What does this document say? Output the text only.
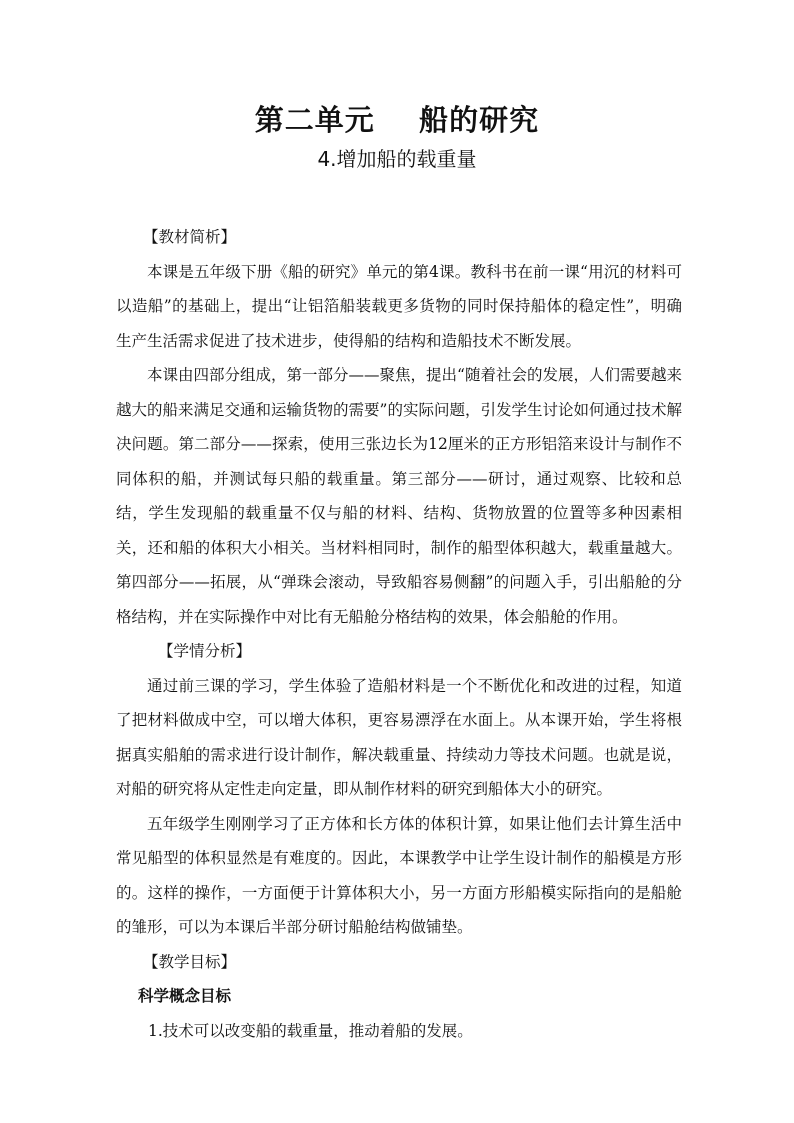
第二单元    船的研究
4.增加船的载重量
【教材简析】

本课是五年级下册《船的研究》单元的第4课。教科书在前一课“用沉的材料可以造船”的基础上，提出“让铝箔船装载更多货物的同时保持船体的稳定性”，明确生产生活需求促进了技术进步，使得船的结构和造船技术不断发展。

本课由四部分组成，第一部分——聚焦，提出“随着社会的发展，人们需要越来越大的船来满足交通和运输货物的需要”的实际问题，引发学生讨论如何通过技术解决问题。第二部分——探索，使用三张边长为12厘米的正方形铝箔来设计与制作不同体积的船，并测试每只船的载重量。第三部分——研讨，通过观察、比较和总结，学生发现船的载重量不仅与船的材料、结构、货物放置的位置等多种因素相关，还和船的体积大小相关。当材料相同时，制作的船型体积越大，载重量越大。第四部分——拓展，从“弹珠会滚动，导致船容易侧翻”的问题入手，引出船舱的分格结构，并在实际操作中对比有无船舱分格结构的效果，体会船舱的作用。

【学情分析】

通过前三课的学习，学生体验了造船材料是一个不断优化和改进的过程，知道了把材料做成中空，可以增大体积，更容易漂浮在水面上。从本课开始，学生将根据真实船舶的需求进行设计制作，解决载重量、持续动力等技术问题。也就是说，对船的研究将从定性走向定量，即从制作材料的研究到船体大小的研究。

五年级学生刚刚学习了正方体和长方体的体积计算，如果让他们去计算生活中常见船型的体积显然是有难度的。因此，本课教学中让学生设计制作的船模是方形的。这样的操作，一方面便于计算体积大小，另一方面方形船模实际指向的是船舱的雏形，可以为本课后半部分研讨船舱结构做铺垫。

【教学目标】
科学概念目标
1.技术可以改变船的载重量，推动着船的发展。
